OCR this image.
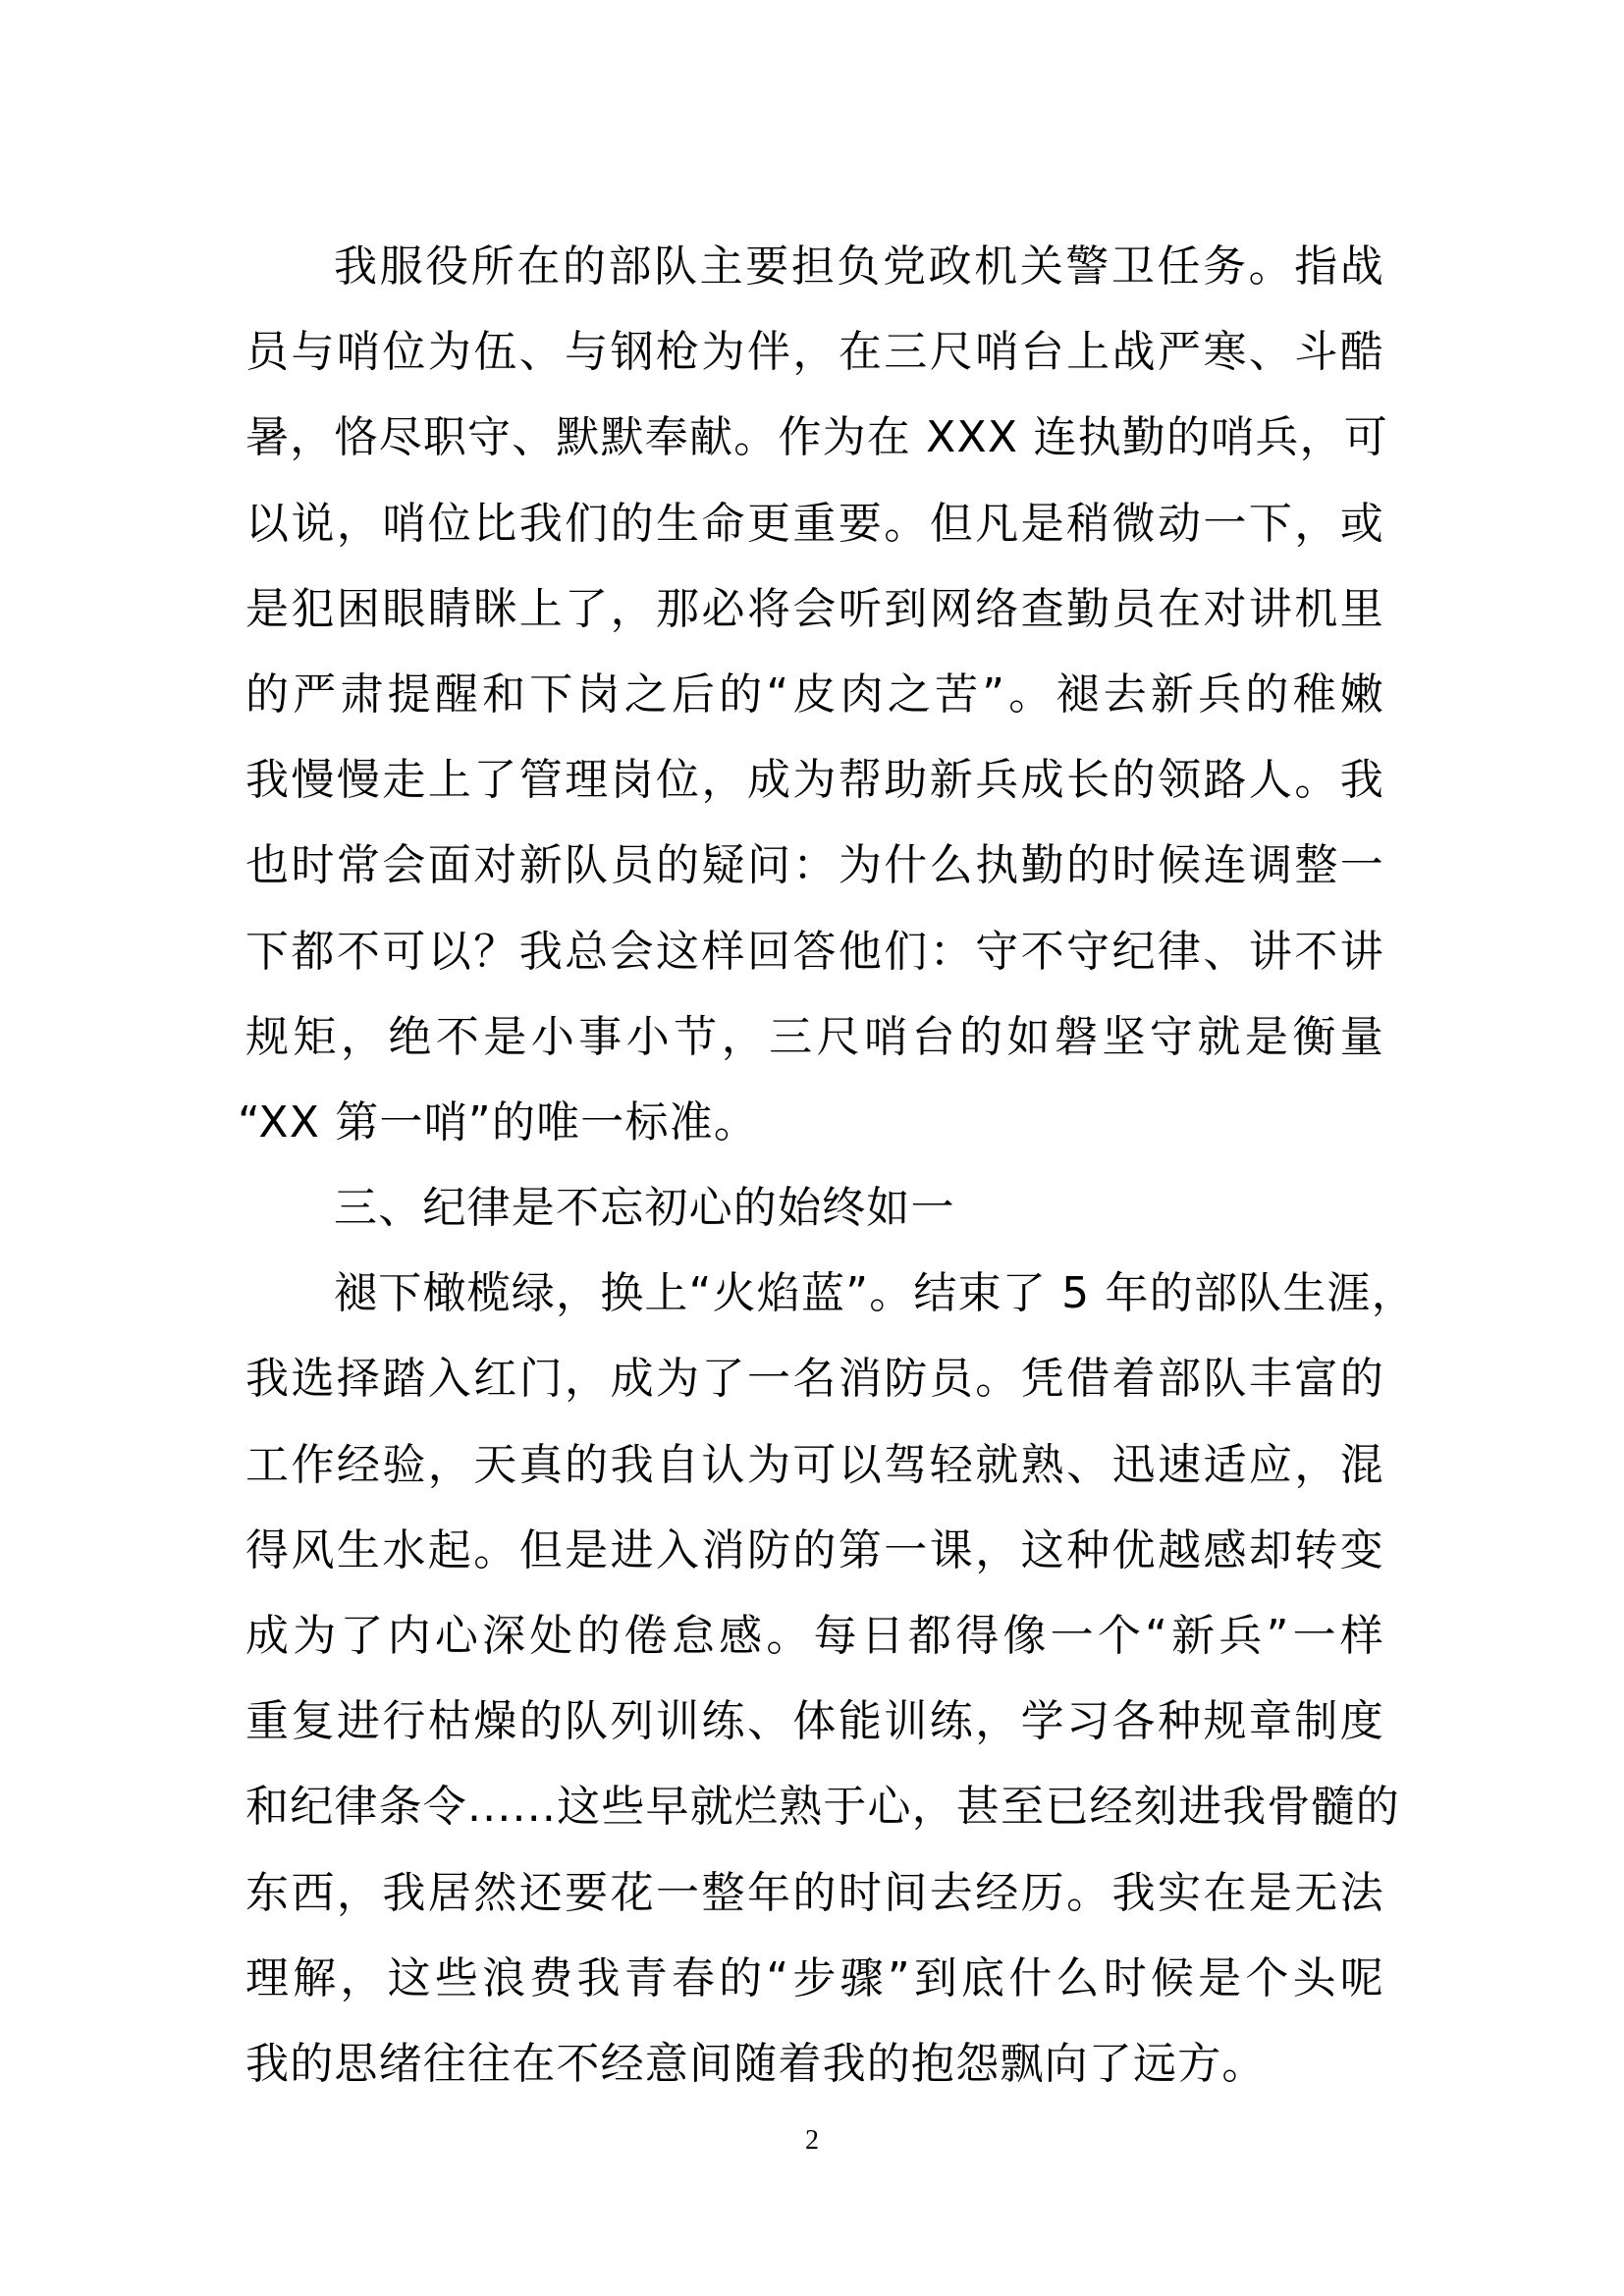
我服役所在的部队主要担负党政机关警卫任务。指战
员与哨位为伍、与钢枪为伴，在三尺哨台上战严寒、斗酷
暑，恪尽职守、默默奉献。作为在 XXX 连执勤的哨兵，可
以说，哨位比我们的生命更重要。但凡是稍微动一下，或
是犯困眼睛眯上了，那必将会听到网络查勤员在对讲机里
的严肃提醒和下岗之后的“皮肉之苦”。褪去新兵的稚嫩
我慢慢走上了管理岗位，成为帮助新兵成长的领路人。我
也时常会面对新队员的疑问：为什么执勤的时候连调整一
下都不可以？我总会这样回答他们：守不守纪律、讲不讲
规矩，绝不是小事小节，三尺哨台的如磐坚守就是衡量
“XX 第一哨”的唯一标准。
三、纪律是不忘初心的始终如一
褪下橄榄绿，换上“火焰蓝”。结束了 5 年的部队生涯，
我选择踏入红门，成为了一名消防员。凭借着部队丰富的
工作经验，天真的我自认为可以驾轻就熟、迅速适应，混
得风生水起。但是进入消防的第一课，这种优越感却转变
成为了内心深处的倦怠感。每日都得像一个“新兵”一样
重复进行枯燥的队列训练、体能训练，学习各种规章制度
和纪律条令......这些早就烂熟于心，甚至已经刻进我骨髓的
东西，我居然还要花一整年的时间去经历。我实在是无法
理解，这些浪费我青春的“步骤”到底什么时候是个头呢
我的思绪往往在不经意间随着我的抱怨飘向了远方。
2
